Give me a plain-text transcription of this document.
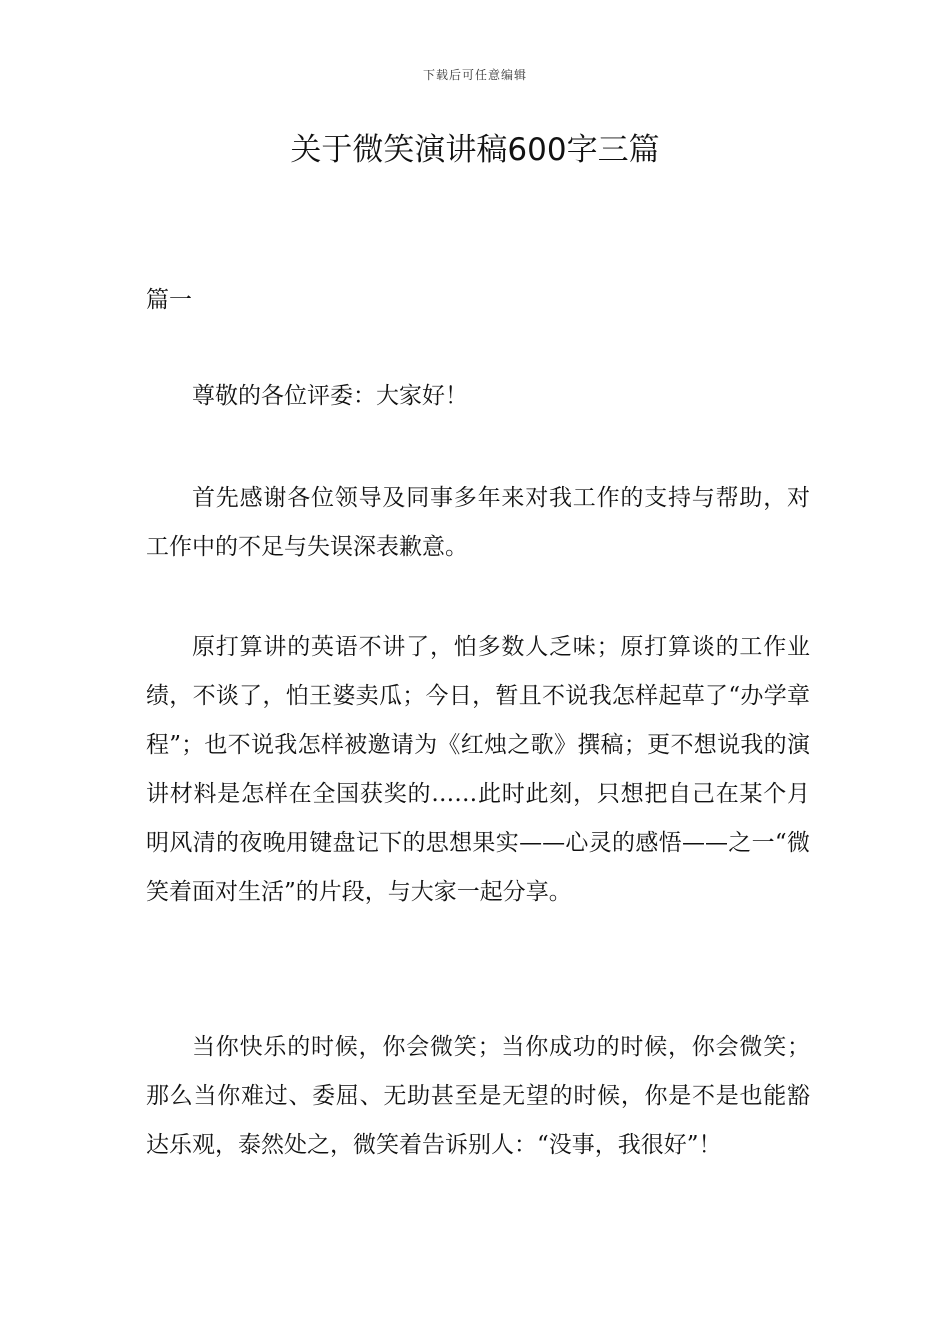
下载后可任意编辑
关于微笑演讲稿600字三篇
篇一

尊敬的各位评委：大家好！

首先感谢各位领导及同事多年来对我工作的支持与帮助，对工作中的不足与失误深表歉意。

原打算讲的英语不讲了，怕多数人乏味；原打算谈的工作业绩，不谈了，怕王婆卖瓜；今日，暂且不说我怎样起草了“办学章程”；也不说我怎样被邀请为《红烛之歌》撰稿；更不想说我的演讲材料是怎样在全国获奖的……此时此刻，只想把自己在某个月明风清的夜晚用键盘记下的思想果实——心灵的感悟——之一“微笑着面对生活”的片段，与大家一起分享。

当你快乐的时候，你会微笑；当你成功的时候，你会微笑；那么当你难过、委屈、无助甚至是无望的时候，你是不是也能豁达乐观，泰然处之，微笑着告诉别人：“没事，我很好”！
